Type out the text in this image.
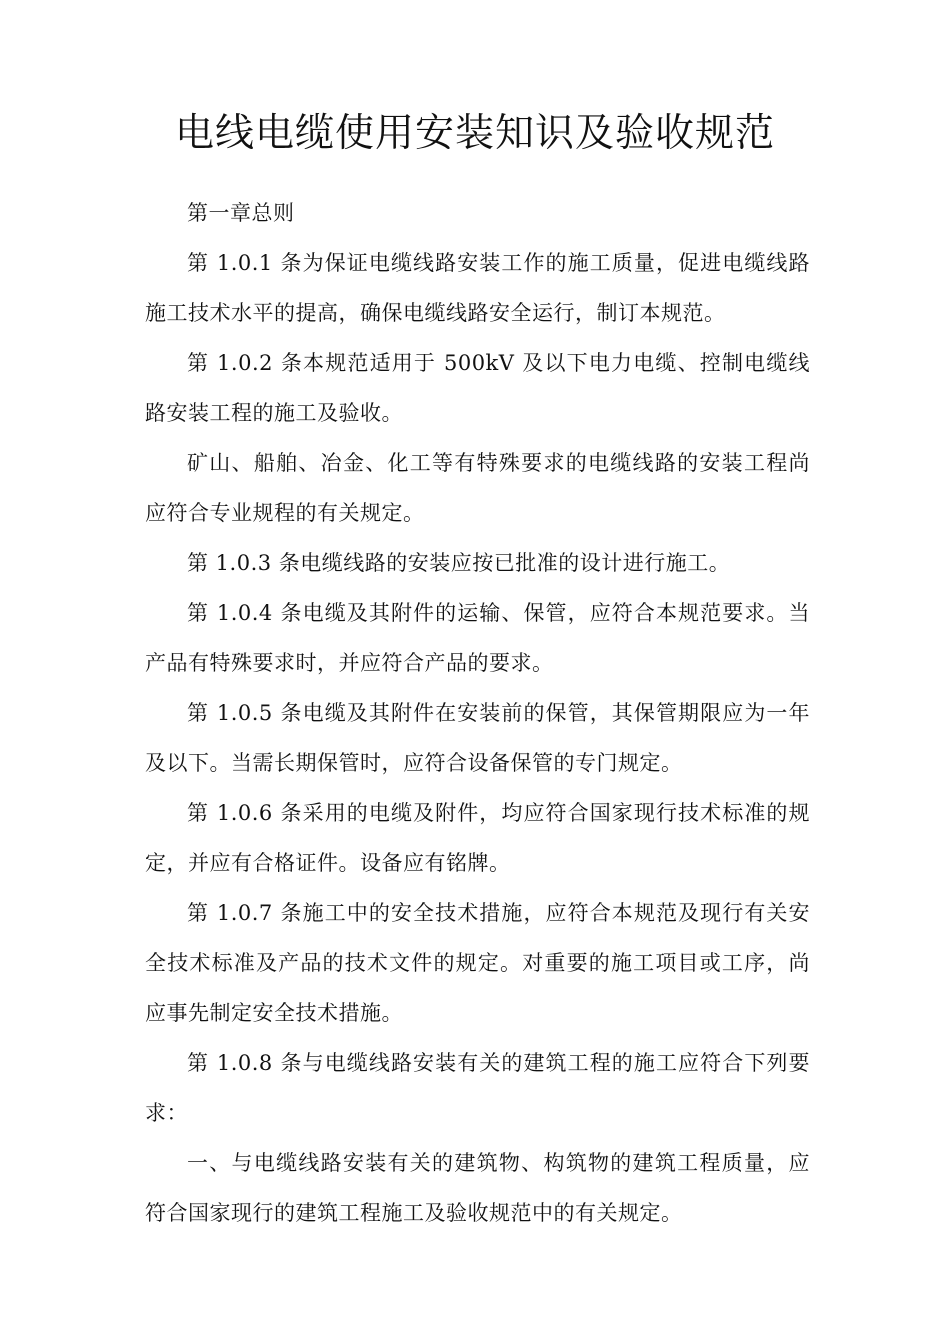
电线电缆使用安装知识及验收规范

第一章总则

第 1.0.1 条为保证电缆线路安装工作的施工质量，促进电缆线路施工技术水平的提高，确保电缆线路安全运行，制订本规范。

第 1.0.2 条本规范适用于 500kV 及以下电力电缆、控制电缆线路安装工程的施工及验收。

矿山、船舶、冶金、化工等有特殊要求的电缆线路的安装工程尚应符合专业规程的有关规定。

第 1.0.3 条电缆线路的安装应按已批准的设计进行施工。

第 1.0.4 条电缆及其附件的运输、保管，应符合本规范要求。当产品有特殊要求时，并应符合产品的要求。

第 1.0.5 条电缆及其附件在安装前的保管，其保管期限应为一年及以下。当需长期保管时，应符合设备保管的专门规定。

第 1.0.6 条采用的电缆及附件，均应符合国家现行技术标准的规定，并应有合格证件。设备应有铭牌。

第 1.0.7 条施工中的安全技术措施，应符合本规范及现行有关安全技术标准及产品的技术文件的规定。对重要的施工项目或工序，尚应事先制定安全技术措施。

第 1.0.8 条与电缆线路安装有关的建筑工程的施工应符合下列要求：

一、与电缆线路安装有关的建筑物、构筑物的建筑工程质量，应符合国家现行的建筑工程施工及验收规范中的有关规定。
